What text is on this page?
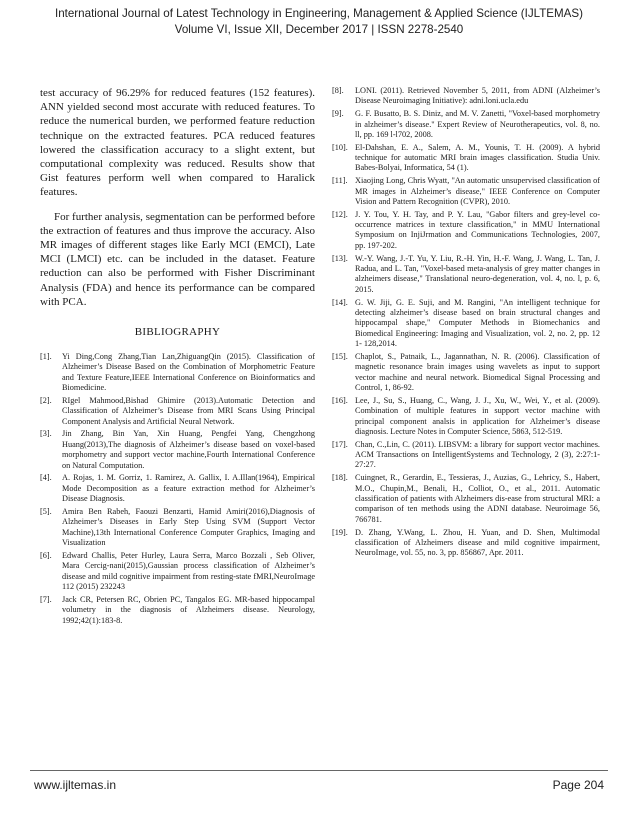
International Journal of Latest Technology in Engineering, Management & Applied Science (IJLTEMAS)
Volume VI, Issue XII, December 2017 | ISSN 2278-2540

test accuracy of 96.29% for reduced features (152 features). ANN yielded second most accurate with reduced features. To reduce the numerical burden, we performed feature reduction technique on the extracted features. PCA reduced features lowered the classification accuracy to a slight extent, but computational complexity was reduced. Results show that Gist features perform well when compared to Haralick features.

For further analysis, segmentation can be performed before the extraction of features and thus improve the accuracy. Also MR images of different stages like Early MCI (EMCI), Late MCI (LMCI) etc. can be included in the dataset. Feature reduction can also be performed with Fisher Discriminant Analysis (FDA) and hence its performance can be compared with PCA.

BIBLIOGRAPHY
[1].	Yi Ding,Cong Zhang,Tian Lan,ZhiguangQin (2015). Classification of Alzheimer’s Disease Based on the Combination of Morphometric Feature and Texture Feature,IEEE International Conference on Bioinformatics and Biomedicine.
[2].	RIgel Mahmood,Bishad Ghimire (2013).Automatic Detection and Classification of Alzheimer’s Disease from MRI Scans Using Principal Component Analysis and Artificial Neural Network.
[3].	Jin Zhang, Bin Yan, Xin Huang, Pengfei Yang, Chengzhong Huang(2013),The diagnosis of Alzheimer’s disease based on voxel-based morphometry and support vector machine,Fourth International Conference on Natural Computation.
[4].	A. Rojas, 1. M. Gorriz, 1. Ramirez, A. Gallix, I. A.Illan(1964), Empirical Mode Decomposition as a feature extraction method for Alzheimer’s Disease Diagnosis.
[5].	Amira Ben Rabeh, Faouzi Benzarti, Hamid Amiri(2016),Diagnosis of Alzheimer’s Diseases in Early Step Using SVM (Support Vector Machine),13th International Conference Computer Graphics, Imaging and Visualization
[6].	Edward Challis, Peter Hurley, Laura Serra, Marco Bozzali , Seb Oliver, Mara Cercig-nani(2015),Gaussian process classification of Alzheimer’s disease and mild cognitive impairment from resting-state fMRI,NeuroImage 112 (2015) 232243
[7].	Jack CR, Petersen RC, Obrien PC, Tangalos EG. MR-based hippocampal volumetry in the diagnosis of Alzheimers disease. Neurology, 1992;42(1):183-8.
[8].	LONI. (2011). Retrieved November 5, 2011, from ADNI (Alzheimer’s Disease Neuroimaging Initiative): adni.loni.ucla.edu
[9].	G. F. Busatto, B. S. Diniz, and M. V. Zanetti, "Voxel-based morphometry in alzheimer’s disease." Expert Review of Neurotherapeutics, vol. 8, no. ll, pp. 169 l-l702, 2008.
[10]. El-Dahshan, E. A., Salem, A. M., Younis, T. H. (2009). A hybrid technique for automatic MRI brain images classification. Studia Univ. Babes-Bolyai, Informatica, 54 (1).
[11]. Xiaojing Long, Chris Wyatt, "An automatic unsupervised classification of MR images in Alzheimer’s disease," IEEE Conference on Computer Vision and Pattern Recognition (CVPR), 2010.
[12]. J. Y. Tou, Y. H. Tay, and P. Y. Lau, "Gabor filters and grey-level co-occurrence matrices in texture classification," in MMU International Symposium on InjiJrmation and Communications Technologies, 2007, pp. 197-202.
[13]. W.-Y. Wang, J.-T. Yu, Y. Liu, R.-H. Yin, H.-F. Wang, J. Wang, L. Tan, J. Radua, and L. Tan, "Voxel-based meta-analysis of grey matter changes in alzheimers disease," Translational neuro-degeneration, vol. 4, no. l, p. 6, 2015.
[14]. G. W. Jiji, G. E. Suji, and M. Rangini, "An intelligent technique for detecting alzheimer’s disease based on brain structural changes and hippocampal shape," Computer Methods in Biomechanics and Biomedical Engineering: Imaging and Visualization, vol. 2, no. 2, pp. 12 1- 128,2014.
[15]. Chaplot, S., Patnaik, L., Jagannathan, N. R. (2006). Classification of magnetic resonance brain images using wavelets as input to support vector machine and neural network. Biomedical Signal Processing and Control, 1, 86-92.
[16]. Lee, J., Su, S., Huang, C., Wang, J. J., Xu, W., Wei, Y., et al. (2009). Combination of multiple features in support vector machine with principal component analsis in application for Alzheimer’s disease diagnosis. Lecture Notes in Computer Science, 5863, 512-519.
[17]. Chan, C.,Lin, C. (2011). LIBSVM: a library for support vector machines. ACM Transactions on IntelligentSystems and Technology, 2 (3), 2:27:1-27:27.
[18]. Cuingnet, R., Gerardin, E., Tessieras, J., Auzias, G., Lehricy, S., Habert, M.O., Chupin,M., Benali, H., Colliot, O., et al., 2011. Automatic classification of patients with Alzheimers dis-ease from structural MRI: a comparison of ten methods using the ADNI database. Neuroimage 56, 766781.
[19]. D. Zhang, Y.Wang, L. Zhou, H. Yuan, and D. Shen, Multimodal classification of Alzheimers disease and mild cognitive impairment, NeuroImage, vol. 55, no. 3, pp. 856867, Apr. 2011.
www.ijltemas.in	Page 204
